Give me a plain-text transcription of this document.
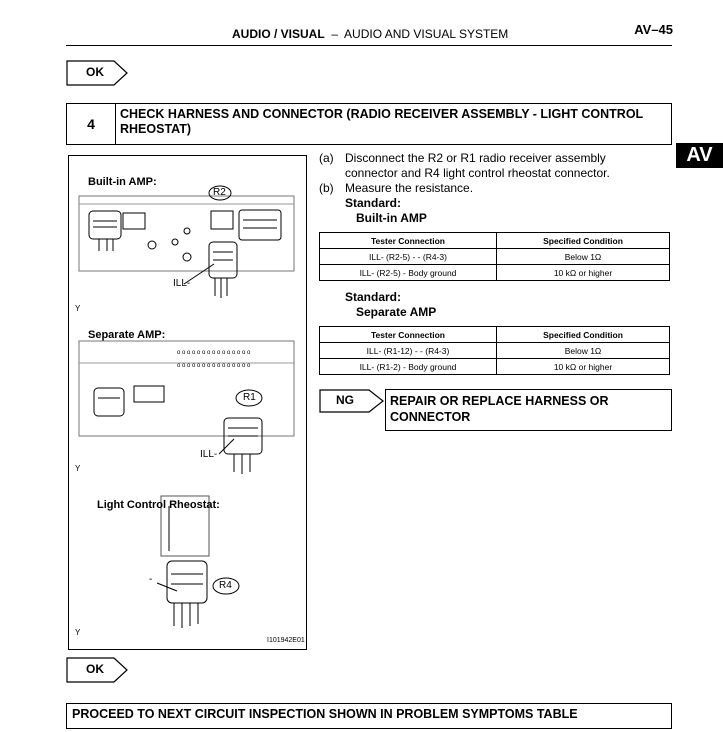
AUDIO / VISUAL  –  AUDIO AND VISUAL SYSTEM	AV–45
OK
4
CHECK HARNESS AND CONNECTOR (RADIO RECEIVER ASSEMBLY - LIGHT CONTROL RHEOSTAT)
AV
o o o o o o o o o o o o o o o
o o o o o o o o o o o o o o o
Built-in AMP:
R2
ILL-
Y
Separate AMP:
R1
ILL-
Y
Light Control Rheostat:
R4
-
Y
I101942E01
(a) Disconnect the R2 or R1 radio receiver assembly
connector and R4 light control rheostat connector.
(b) Measure the resistance.
Standard:
Built-in AMP
Tester Connection	Specified Condition
ILL- (R2-5) - - (R4-3)	Below 1Ω
ILL- (R2-5) - Body ground	10 kΩ or higher
Standard:
Separate AMP
Tester Connection	Specified Condition
ILL- (R1-12) - - (R4-3)	Below 1Ω
ILL- (R1-2) - Body ground	10 kΩ or higher
NG	REPAIR OR REPLACE HARNESS OR
CONNECTOR
OK
PROCEED TO NEXT CIRCUIT INSPECTION SHOWN IN PROBLEM SYMPTOMS TABLE
